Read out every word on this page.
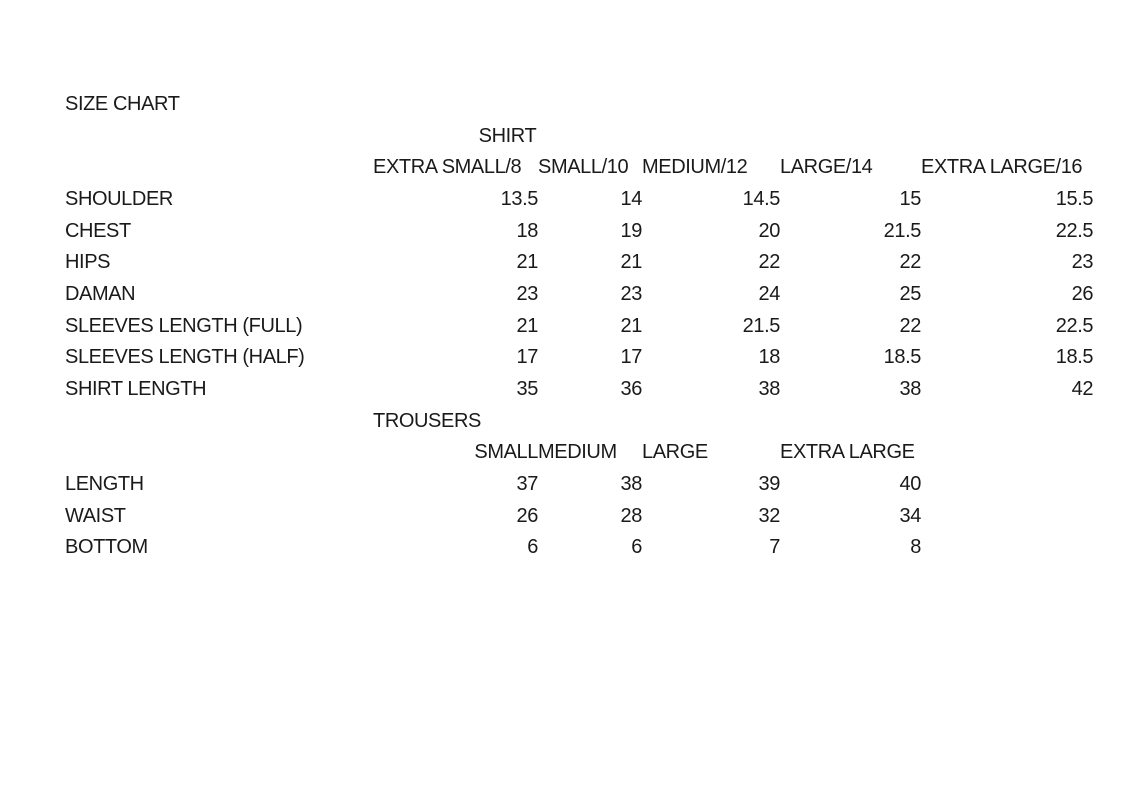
SIZE CHART					
	SHIRT				
	EXTRA SMALL/8	SMALL/10	MEDIUM/12	LARGE/14	EXTRA LARGE/16
SHOULDER	13.5	14	14.5	15	15.5
CHEST	18	19	20	21.5	22.5
HIPS	21	21	22	22	23
DAMAN	23	23	24	25	26
SLEEVES LENGTH (FULL)	21	21	21.5	22	22.5
SLEEVES LENGTH (HALF)	17	17	18	18.5	18.5
SHIRT LENGTH	35	36	38	38	42
	TROUSERS				
	SMALL	MEDIUM	LARGE	EXTRA LARGE	
LENGTH	37	38	39	40	
WAIST	26	28	32	34	
BOTTOM	6	6	7	8	
